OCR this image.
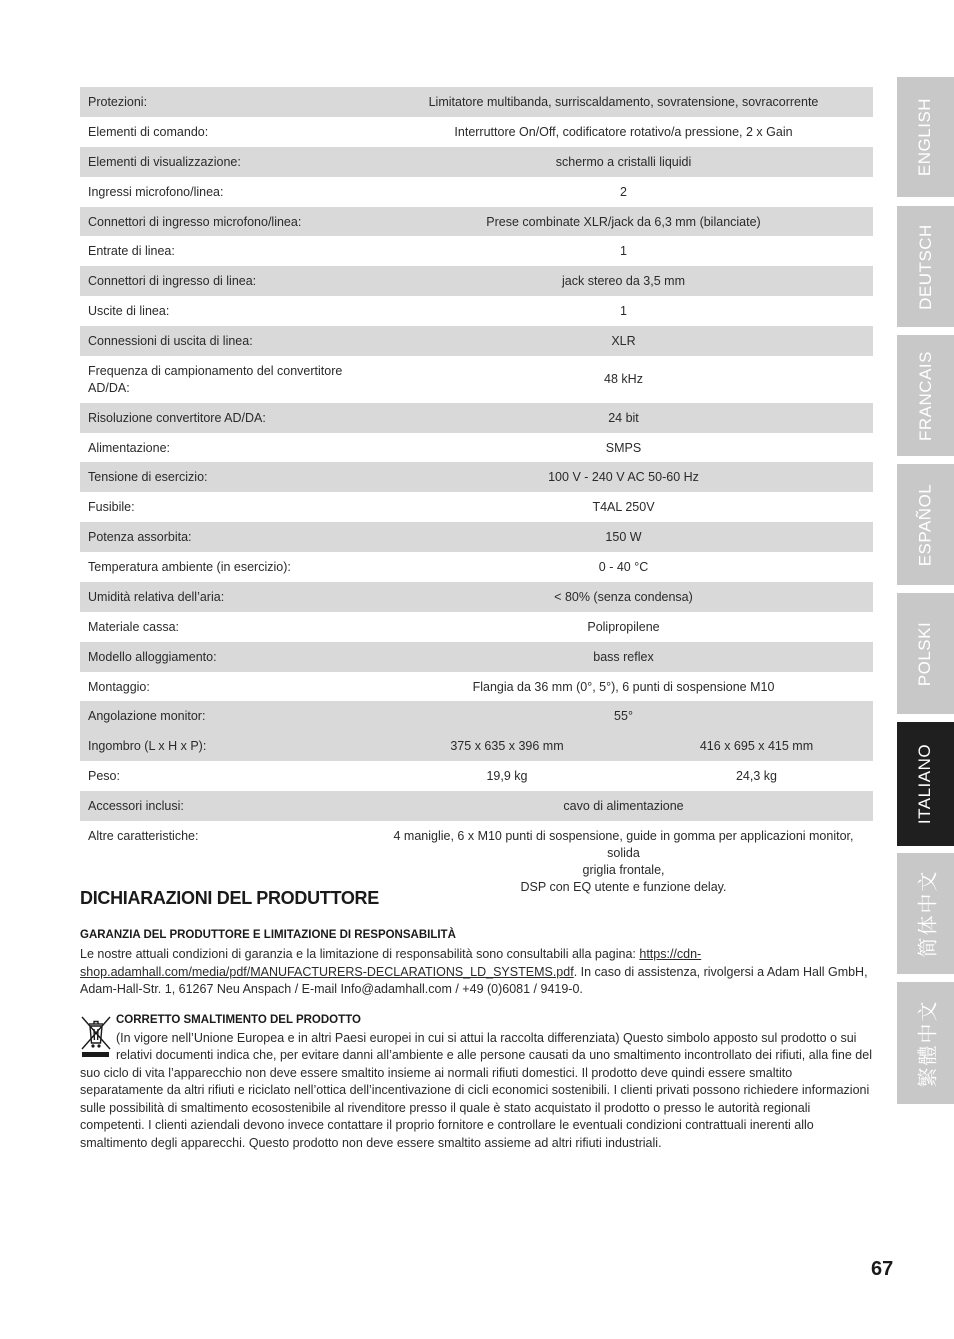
Protezioni:	Limitatore multibanda, surriscaldamento, sovratensione, sovracorrente	
Elementi di comando:	Interruttore On/Off, codificatore rotativo/a pressione, 2 x Gain	
Elementi di visualizzazione:	schermo a cristalli liquidi	
Ingressi microfono/linea:	2	
Connettori di ingresso microfono/linea:	Prese combinate XLR/jack da 6,3 mm (bilanciate)	
Entrate di linea:	1	
Connettori di ingresso di linea:	jack stereo da 3,5 mm	
Uscite di linea:	1	
Connessioni di uscita di linea:	XLR	
Frequenza di campionamento del convertitore AD/DA:	48 kHz	
Risoluzione convertitore AD/DA:	24 bit	
Alimentazione:	SMPS	
Tensione di esercizio:	100 V - 240 V AC 50-60 Hz	
Fusibile:	T4AL 250V	
Potenza assorbita:	150 W	
Temperatura ambiente (in esercizio):	0 - 40 °C	
Umidità relativa dell’aria:	< 80% (senza condensa)	
Materiale cassa:	Polipropilene	
Modello alloggiamento:	bass reflex	
Montaggio:	Flangia da 36 mm (0°, 5°), 6 punti di sospensione M10	
Angolazione monitor:	55°	
Ingombro (L x H x P):	375 x 635 x 396 mm	416 x 695 x 415 mm
Peso:	19,9 kg	24,3 kg
Accessori inclusi:	cavo di alimentazione	
Altre caratteristiche:	4 maniglie, 6 x M10 punti di sospensione, guide in gomma per applicazioni monitor, solida
griglia frontale,
DSP con EQ utente e funzione delay.	
ENGLISH
DEUTSCH
FRANCAIS
ESPAÑOL
POLSKI
ITALIANO
简体中文
繁體中文
DICHIARAZIONI DEL PRODUTTORE
GARANZIA DEL PRODUTTORE E LIMITAZIONE DI RESPONSABILITÀ

Le nostre attuali condizioni di garanzia e la limitazione di responsabilità sono consultabili alla pagina: https://cdn-shop.adamhall.com/media/pdf/MANUFACTURERS-DECLARATIONS_LD_SYSTEMS.pdf. In caso di assistenza, rivolgersi a Adam Hall GmbH, Adam-Hall-Str. 1, 61267 Neu Anspach / E-mail Info@adamhall.com / +49 (0)6081 / 9419-0.

CORRETTO SMALTIMENTO DEL PRODOTTO
(In vigore nell’Unione Europea e in altri Paesi europei in cui si attui la raccolta differenziata) Questo simbolo apposto sul prodotto o sui relativi documenti indica che, per evitare danni all’ambiente e alle persone causati da uno smaltimento incontrollato dei rifiuti, alla fine del suo ciclo di vita l’apparecchio non deve essere smaltito insieme ai normali rifiuti domestici. Il prodotto deve quindi essere smaltito separatamente da altri rifiuti e riciclato nell’ottica dell’incentivazione di cicli economici sostenibili. I clienti privati possono richiedere informazioni sulle possibilità di smaltimento ecosostenibile al rivenditore presso il quale è stato acquistato il prodotto o presso le autorità regionali competenti. I clienti aziendali devono invece contattare il proprio fornitore e controllare le eventuali condizioni contrattuali inerenti allo smaltimento degli apparecchi. Questo prodotto non deve essere smaltito assieme ad altri rifiuti industriali.

67
